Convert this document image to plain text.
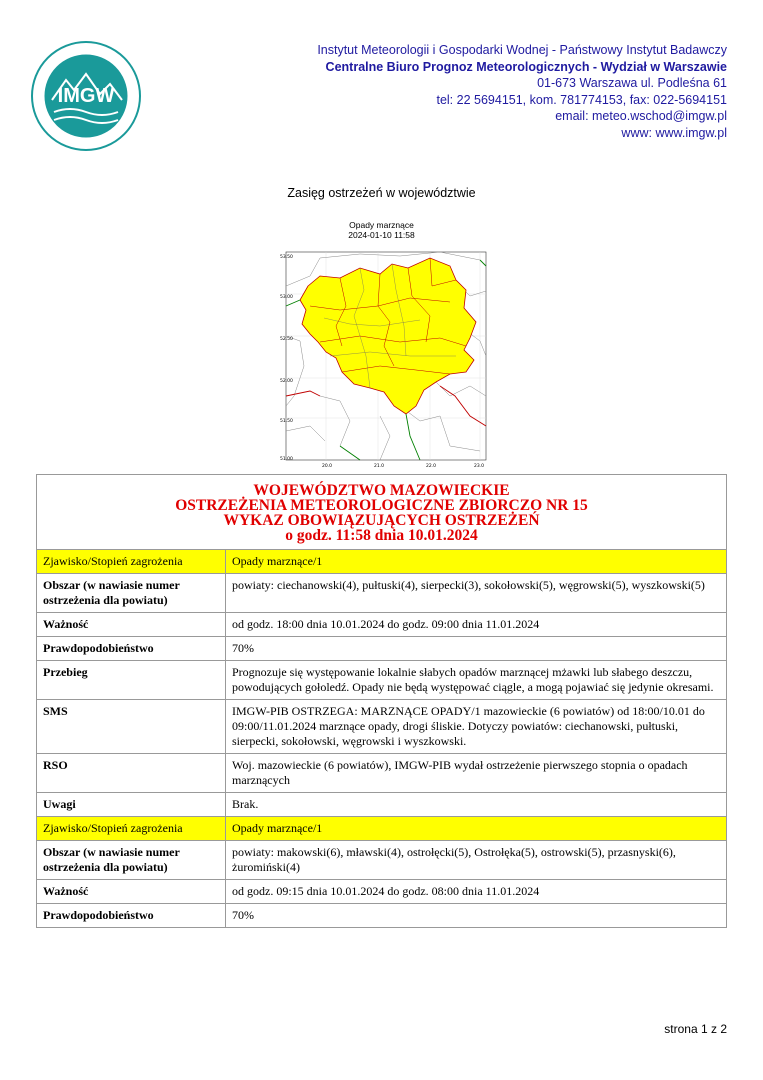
IMGW
Instytut Meteorologii i Gospodarki Wodnej - Państwowy Instytut Badawczy
Centralne Biuro Prognoz Meteorologicznych - Wydział w Warszawie
01-673 Warszawa ul. Podleśna 61
tel: 22 5694151, kom. 781774153, fax: 022-5694151
email: meteo.wschod@imgw.pl
www: www.imgw.pl
Zasięg ostrzeżeń w województwie
Opady marznące
2024-01-10 11:58
53.50
53.00
52.50
52.00
51.50
51.00
20.0	21.0	22.0	23.0
WOJEWÓDZTWO MAZOWIECKIE
OSTRZEŻENIA METEOROLOGICZNE ZBIORCZO NR 15
WYKAZ OBOWIĄZUJĄCYCH OSTRZEŻEŃ
o godz. 11:58 dnia 10.01.2024	

Zjawisko/Stopień zagrożenia	Opady marznące/1
Obszar (w nawiasie numer ostrzeżenia dla powiatu)	powiaty: ciechanowski(4), pułtuski(4), sierpecki(3), sokołowski(5), węgrowski(5), wyszkowski(5)
Ważność	od godz. 18:00 dnia 10.01.2024 do godz. 09:00 dnia 11.01.2024
Prawdopodobieństwo	70%
Przebieg	Prognozuje się występowanie lokalnie słabych opadów marznącej mżawki lub słabego deszczu, powodujących gołoledź. Opady nie będą występować ciągle, a mogą pojawiać się jedynie okresami.
SMS	IMGW-PIB OSTRZEGA: MARZNĄCE OPADY/1 mazowieckie (6 powiatów) od 18:00/10.01 do 09:00/11.01.2024 marznące opady, drogi śliskie. Dotyczy powiatów: ciechanowski, pułtuski, sierpecki, sokołowski, węgrowski i wyszkowski.
RSO	Woj. mazowieckie (6 powiatów), IMGW-PIB wydał ostrzeżenie pierwszego stopnia o opadach marznących
Uwagi	Brak.
Zjawisko/Stopień zagrożenia	Opady marznące/1
Obszar (w nawiasie numer ostrzeżenia dla powiatu)	powiaty: makowski(6), mławski(4), ostrołęcki(5), Ostrołęka(5), ostrowski(5), przasnyski(6), żuromiński(4)
Ważność	od godz. 09:15 dnia 10.01.2024 do godz. 08:00 dnia 11.01.2024
Prawdopodobieństwo	70%
strona 1 z 2
